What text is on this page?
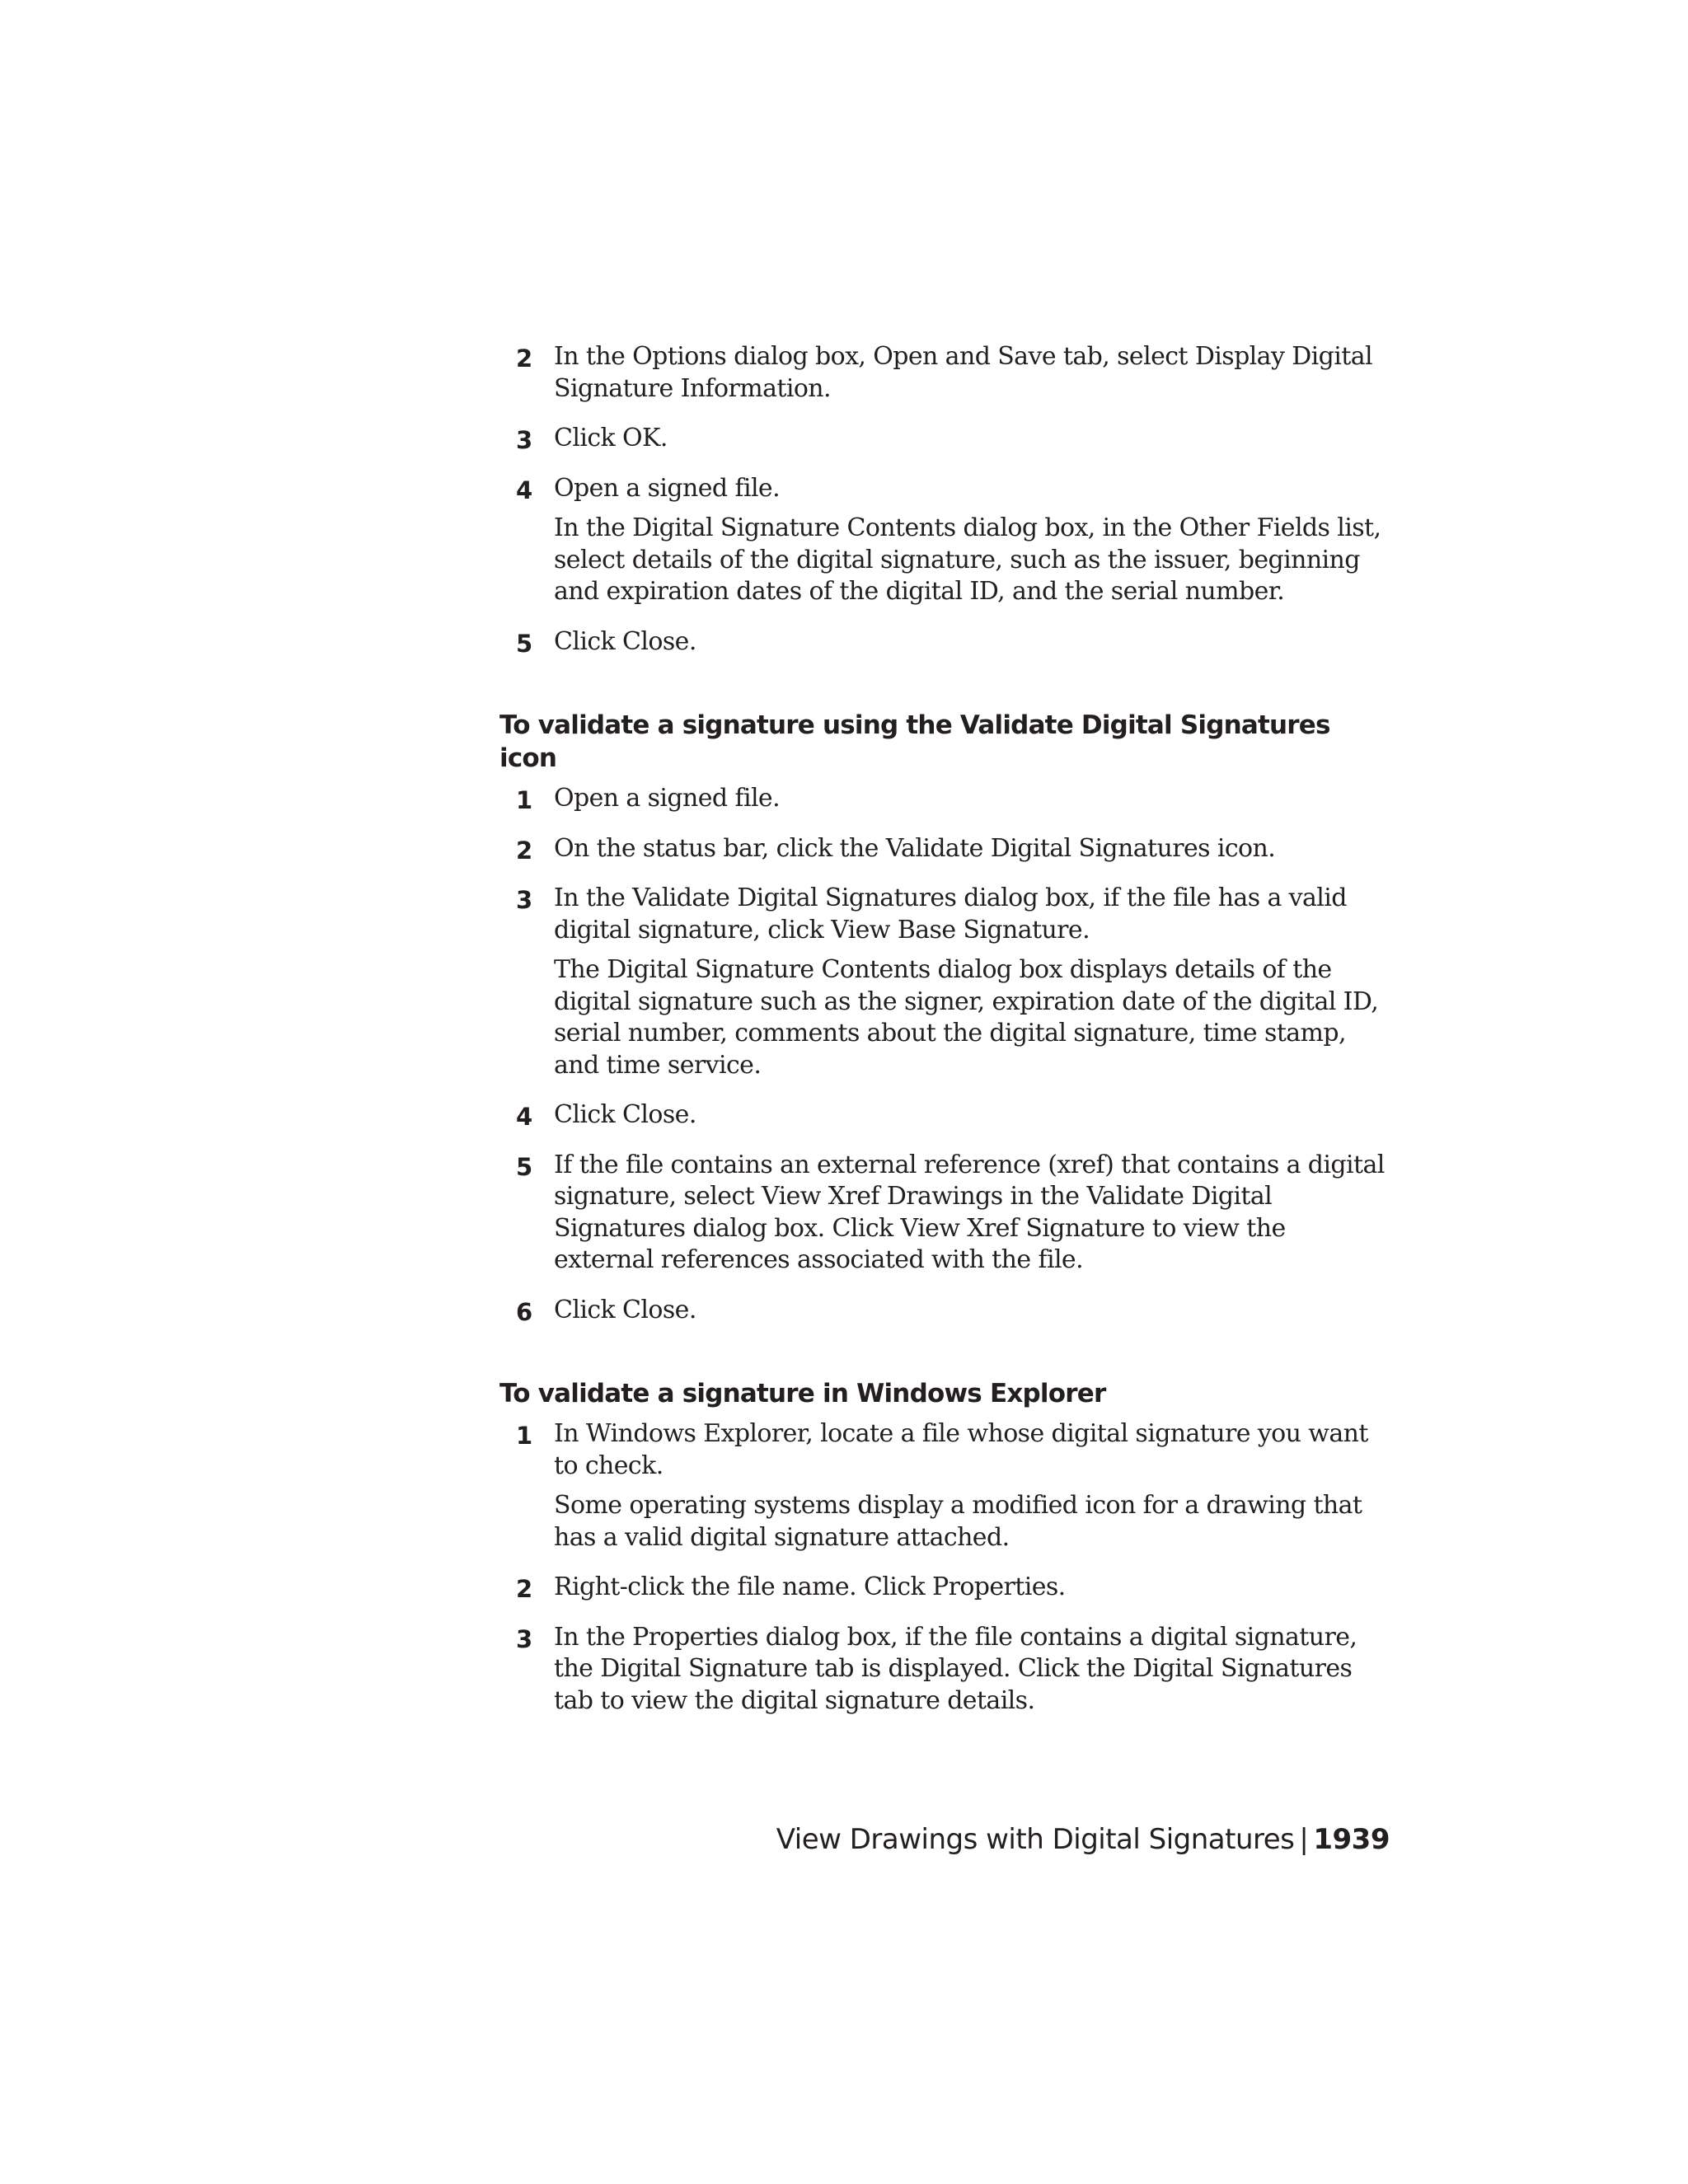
2 In the Options dialog box, Open and Save tab, select Display Digital Signature Information.
3 Click OK.
4 Open a signed file.
In the Digital Signature Contents dialog box, in the Other Fields list, select details of the digital signature, such as the issuer, beginning and expiration dates of the digital ID, and the serial number.
5 Click Close.
To validate a signature using the Validate Digital Signatures icon
1 Open a signed file.
2 On the status bar, click the Validate Digital Signatures icon.
3 In the Validate Digital Signatures dialog box, if the file has a valid digital signature, click View Base Signature.
The Digital Signature Contents dialog box displays details of the digital signature such as the signer, expiration date of the digital ID, serial number, comments about the digital signature, time stamp, and time service.
4 Click Close.
5 If the file contains an external reference (xref) that contains a digital signature, select View Xref Drawings in the Validate Digital Signatures dialog box. Click View Xref Signature to view the external references associated with the file.
6 Click Close.
To validate a signature in Windows Explorer
1 In Windows Explorer, locate a file whose digital signature you want to check.
Some operating systems display a modified icon for a drawing that has a valid digital signature attached.
2 Right-click the file name. Click Properties.
3 In the Properties dialog box, if the file contains a digital signature, the Digital Signature tab is displayed. Click the Digital Signatures tab to view the digital signature details.
View Drawings with Digital Signatures | 1939
